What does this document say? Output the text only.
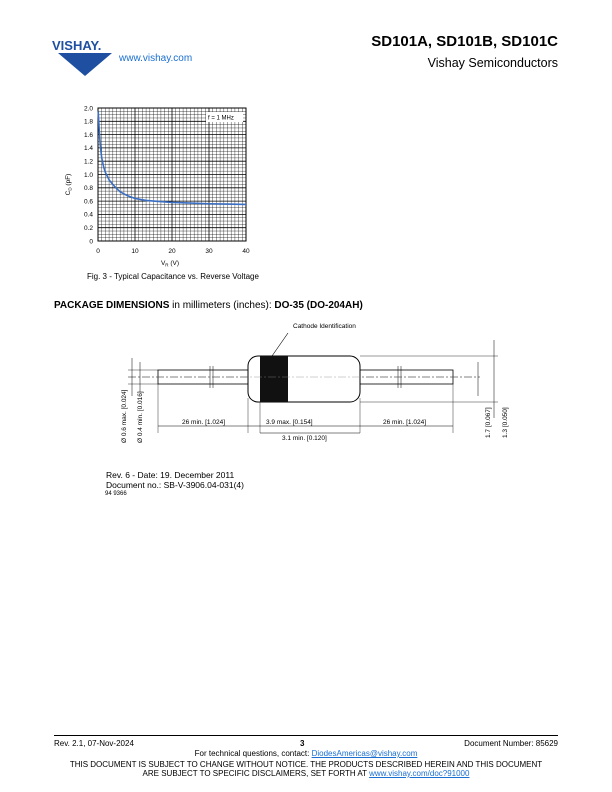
VISHAY.
www.vishay.com
SD101A, SD101B, SD101C
Vishay Semiconductors
f = 1 MHz
0	10	20	30	40
0
0.2
0.4
0.6
0.8
1.0
1.2
1.4
1.6
1.8
2.0
$V_R$ (V)
$C_D$ (pF)
Fig. 3 - Typical Capacitance vs. Reverse Voltage
PACKAGE DIMENSIONS in millimeters (inches): DO-35 (DO-204AH)
Cathode Identification
26 min. [1.024]	3.9 max. [0.154]	26 min. [1.024]
3.1 min. [0.120]
Ø 0.6 max. [0.024] Ø 0.4 min. [0.016]	1.7 [0.067] 1.3 [0.050]
Rev. 6 - Date: 19. December 2011
Document no.: SB-V-3906.04-031(4)
94 9366
Rev. 2.1, 07-Nov-2024	3	Document Number: 85629
For technical questions, contact: DiodesAmericas@vishay.com
THIS DOCUMENT IS SUBJECT TO CHANGE WITHOUT NOTICE. THE PRODUCTS DESCRIBED HEREIN AND THIS DOCUMENT
ARE SUBJECT TO SPECIFIC DISCLAIMERS, SET FORTH AT www.vishay.com/doc?91000
